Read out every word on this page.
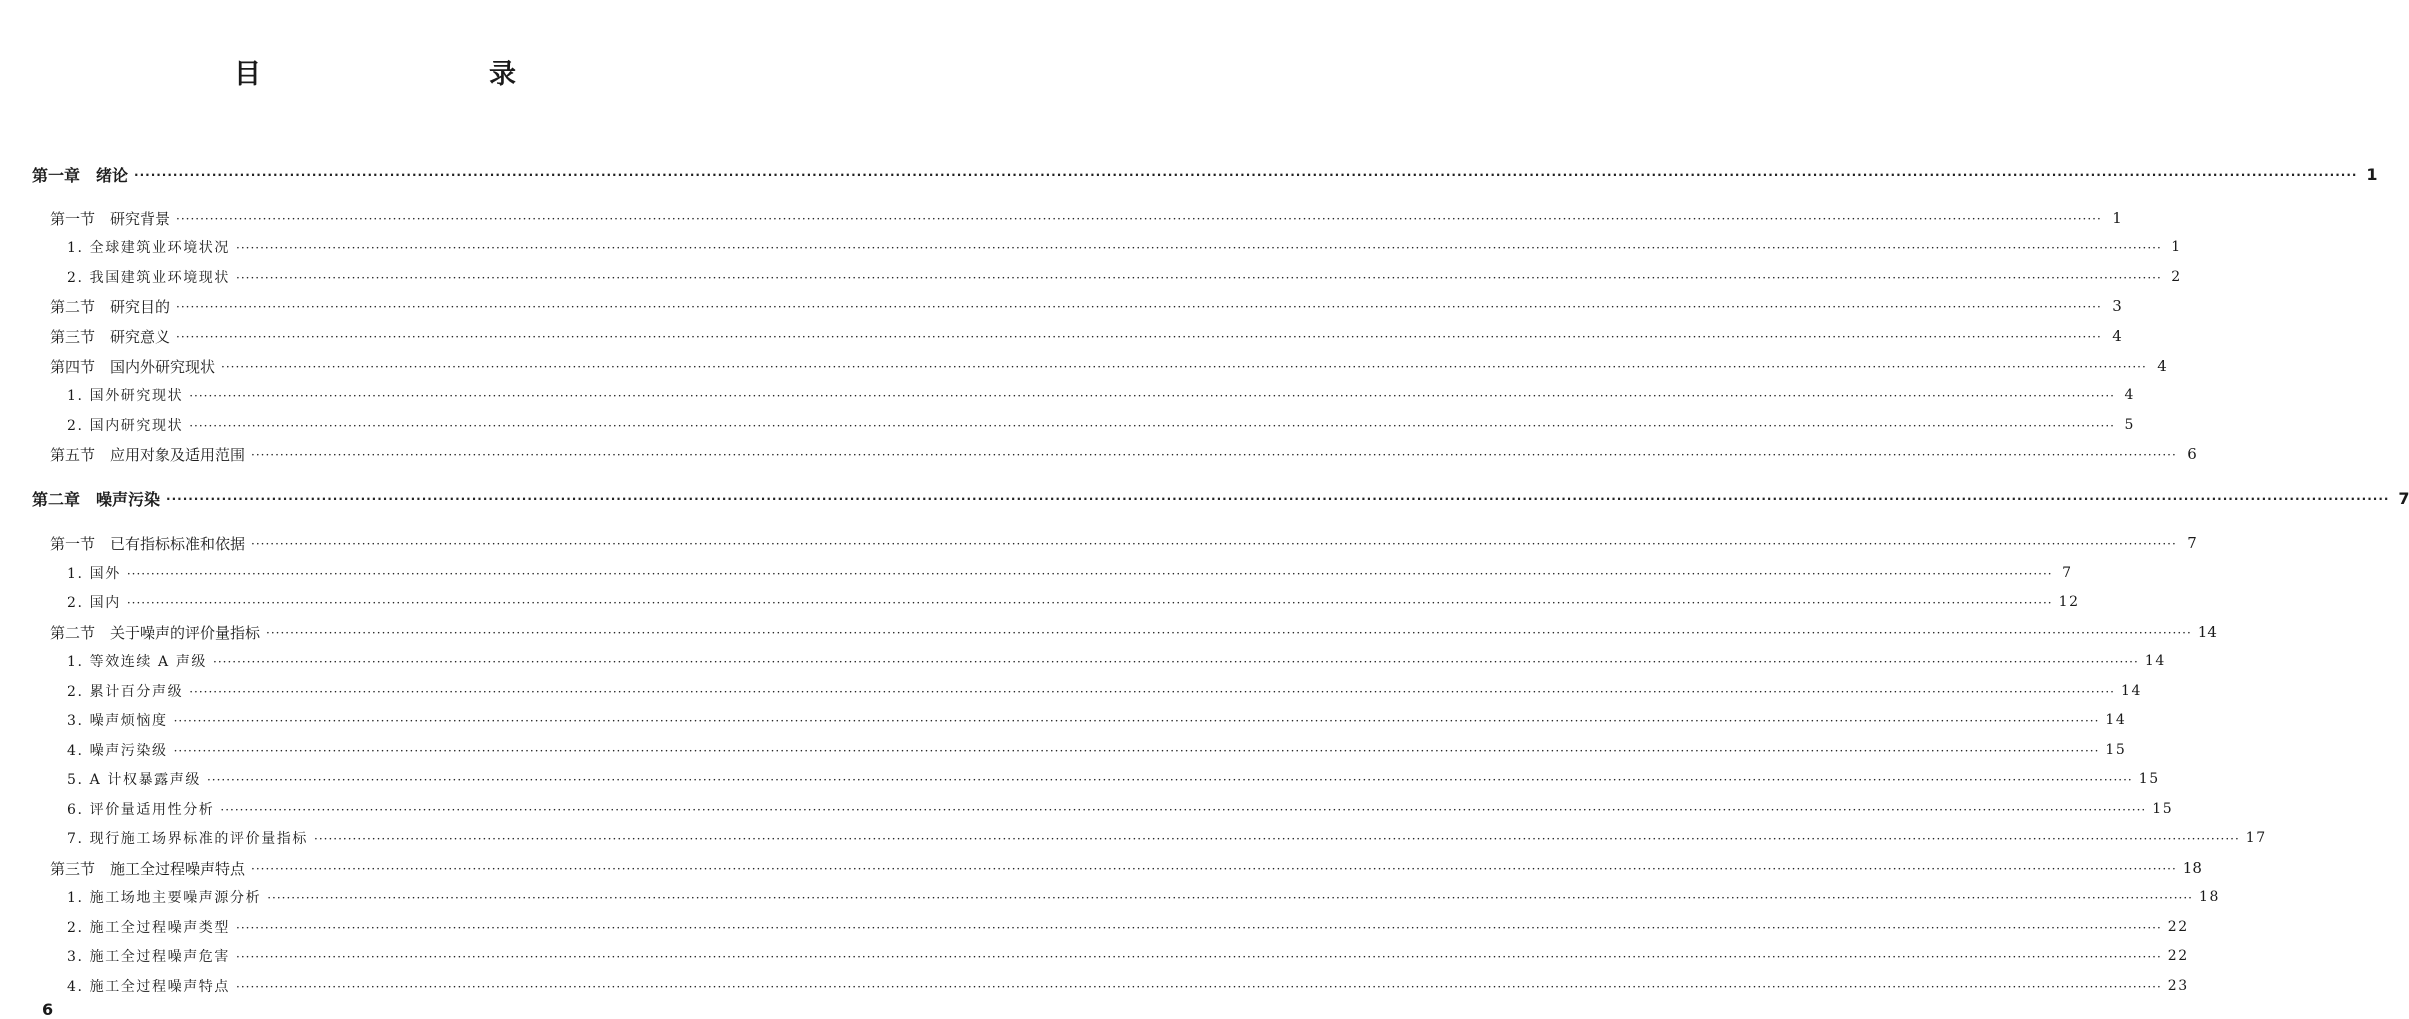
目　　录
第一章　绪论 ················································································································································································································································································································································································································ 1
第一节　研究背景 ················································································································································································································································································································································································································ 1
1. 全球建筑业环境状况 ················································································································································································································································································································································································································ 1
2. 我国建筑业环境现状 ················································································································································································································································································································································································································ 2
第二节　研究目的 ················································································································································································································································································································································································································ 3
第三节　研究意义 ················································································································································································································································································································································································································ 4
第四节　国内外研究现状 ················································································································································································································································································································································································································ 4
1. 国外研究现状 ················································································································································································································································································································································································································ 4
2. 国内研究现状 ················································································································································································································································································································································································································ 5
第五节　应用对象及适用范围 ················································································································································································································································································································································································································ 6
第二章　噪声污染 ················································································································································································································································································································································································································ 7
第一节　已有指标标准和依据 ················································································································································································································································································································································································································ 7
1. 国外 ················································································································································································································································································································································································································ 7
2. 国内 ················································································································································································································································································································································································································ 12
第二节　关于噪声的评价量指标 ················································································································································································································································································································································································································ 14
1. 等效连续 A 声级 ················································································································································································································································································································································································································ 14
2. 累计百分声级 ················································································································································································································································································································································································································ 14
3. 噪声烦恼度 ················································································································································································································································································································································································································ 14
4. 噪声污染级 ················································································································································································································································································································································································································ 15
5. A 计权暴露声级 ················································································································································································································································································································································································································ 15
6. 评价量适用性分析 ················································································································································································································································································································································································································ 15
7. 现行施工场界标准的评价量指标 ················································································································································································································································································································································································································ 17
第三节　施工全过程噪声特点 ················································································································································································································································································································································································································ 18
1. 施工场地主要噪声源分析 ················································································································································································································································································································································································································ 18
2. 施工全过程噪声类型 ················································································································································································································································································································································································································ 22
3. 施工全过程噪声危害 ················································································································································································································································································································································································································ 22
4. 施工全过程噪声特点 ················································································································································································································································································································································································································ 23
6
